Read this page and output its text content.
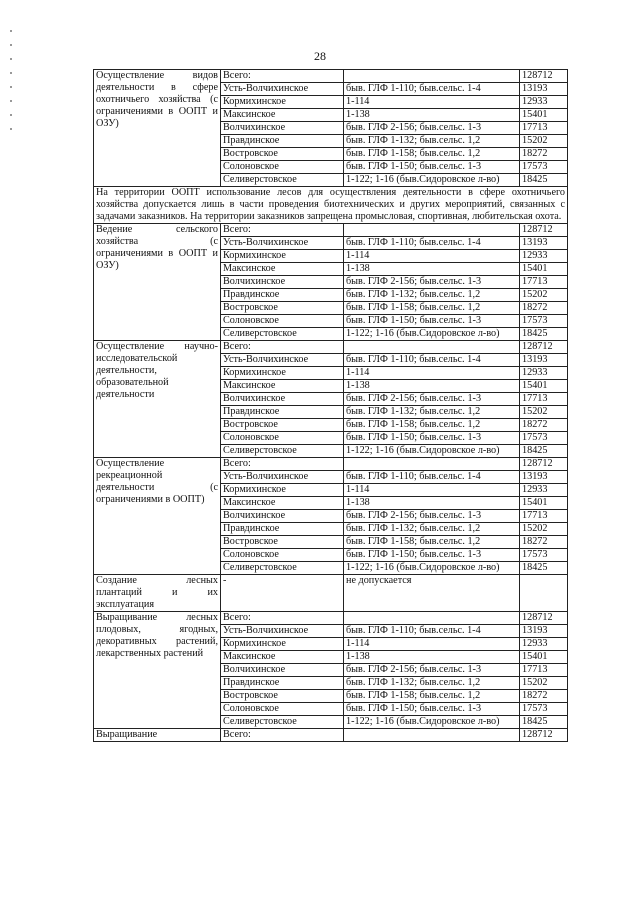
28
Осуществление видов деятельности в сфере охотничьего хозяйства (с ограничениями в ООПТ и ОЗУ)	Всего:		128712
	Усть-Волчихинское	быв. ГЛФ 1-110; быв.сельс. 1-4	13193
	Кормихинское	1-114	12933
	Максинское	1-138	15401
	Волчихинское	быв. ГЛФ 2-156; быв.сельс. 1-3	17713
	Правдинское	быв. ГЛФ 1-132; быв.сельс. 1,2	15202
	Востровское	быв. ГЛФ 1-158; быв.сельс. 1,2	18272
	Солоновское	быв. ГЛФ 1-150; быв.сельс. 1-3	17573
	Селиверстовское	1-122; 1-16 (быв.Сидоровское л-во)	18425
На территории ООПТ использование лесов для осуществления деятельности в сфере охотничьего хозяйства допускается лишь в части проведения биотехнических и других мероприятий, связанных с задачами заказников. На территории заказников запрещена промысловая, спортивная, любительская охота.			
Ведение сельского хозяйства (с ограничениями в ООПТ и ОЗУ)	Всего:		128712
	Усть-Волчихинское	быв. ГЛФ 1-110; быв.сельс. 1-4	13193
	Кормихинское	1-114	12933
	Максинское	1-138	15401
	Волчихинское	быв. ГЛФ 2-156; быв.сельс. 1-3	17713
	Правдинское	быв. ГЛФ 1-132; быв.сельс. 1,2	15202
	Востровское	быв. ГЛФ 1-158; быв.сельс. 1,2	18272
	Солоновское	быв. ГЛФ 1-150; быв.сельс. 1-3	17573
	Селиверстовское	1-122; 1-16 (быв.Сидоровское л-во)	18425
Осуществление научно-исследовательской деятельности, образовательной деятельности	Всего:		128712
	Усть-Волчихинское	быв. ГЛФ 1-110; быв.сельс. 1-4	13193
	Кормихинское	1-114	12933
	Максинское	1-138	15401
	Волчихинское	быв. ГЛФ 2-156; быв.сельс. 1-3	17713
	Правдинское	быв. ГЛФ 1-132; быв.сельс. 1,2	15202
	Востровское	быв. ГЛФ 1-158; быв.сельс. 1,2	18272
	Солоновское	быв. ГЛФ 1-150; быв.сельс. 1-3	17573
	Селиверстовское	1-122; 1-16 (быв.Сидоровское л-во)	18425
Осуществление рекреационной деятельности (с ограничениями в ООПТ)	Всего:		128712
	Усть-Волчихинское	быв. ГЛФ 1-110; быв.сельс. 1-4	13193
	Кормихинское	1-114	12933
	Максинское	1-138	15401
	Волчихинское	быв. ГЛФ 2-156; быв.сельс. 1-3	17713
	Правдинское	быв. ГЛФ 1-132; быв.сельс. 1,2	15202
	Востровское	быв. ГЛФ 1-158; быв.сельс. 1,2	18272
	Солоновское	быв. ГЛФ 1-150; быв.сельс. 1-3	17573
	Селиверстовское	1-122; 1-16 (быв.Сидоровское л-во)	18425
Создание лесных плантаций и их эксплуатация	-	не допускается	
Выращивание лесных плодовых, ягодных, декоративных растений, лекарственных растений	Всего:		128712
	Усть-Волчихинское	быв. ГЛФ 1-110; быв.сельс. 1-4	13193
	Кормихинское	1-114	12933
	Максинское	1-138	15401
	Волчихинское	быв. ГЛФ 2-156; быв.сельс. 1-3	17713
	Правдинское	быв. ГЛФ 1-132; быв.сельс. 1,2	15202
	Востровское	быв. ГЛФ 1-158; быв.сельс. 1,2	18272
	Солоновское	быв. ГЛФ 1-150; быв.сельс. 1-3	17573
	Селиверстовское	1-122; 1-16 (быв.Сидоровское л-во)	18425
Выращивание	Всего:		128712
